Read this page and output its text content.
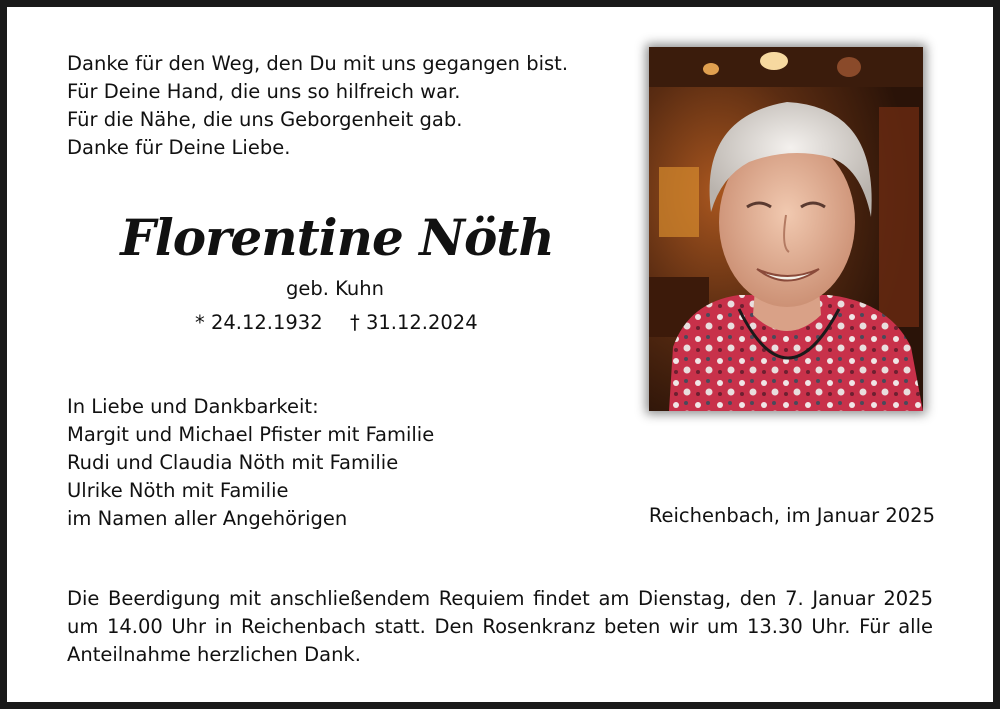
Danke für den Weg, den Du mit uns gegangen bist.
Für Deine Hand, die uns so hilfreich war.
Für die Nähe, die uns Geborgenheit gab.
Danke für Deine Liebe.
Florentine Nöth
geb. Kuhn
* 24.12.1932 † 31.12.2024
In Liebe und Dankbarkeit:
Margit und Michael Pfister mit Familie
Rudi und Claudia Nöth mit Familie
Ulrike Nöth mit Familie
im Namen aller Angehörigen	Reichenbach, im Januar 2025
Die Beerdigung mit anschließendem Requiem findet am Dienstag, den 7. Januar 2025
um 14.00 Uhr in Reichenbach statt. Den Rosenkranz beten wir um 13.30 Uhr. Für alle
Anteilnahme herzlichen Dank.
